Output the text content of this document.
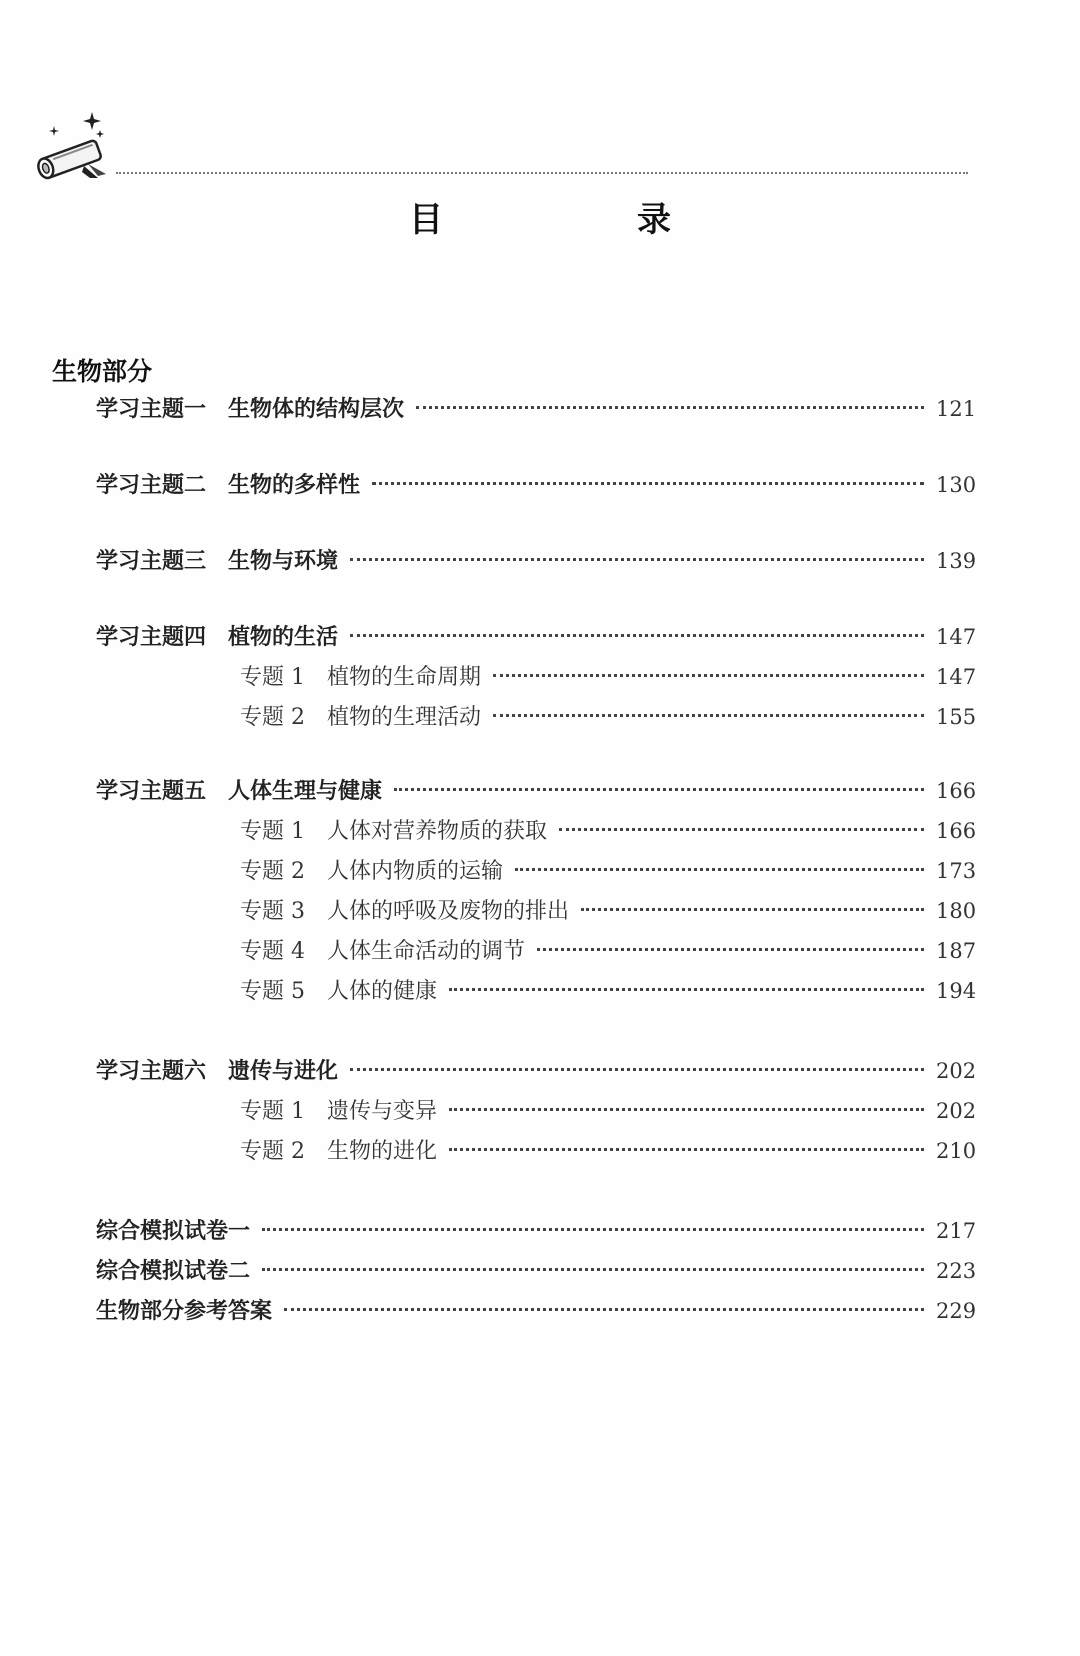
目　录
生物部分
学习主题一 生物体的结构层次	121
学习主题二 生物的多样性	130
学习主题三 生物与环境	139
学习主题四 植物的生活	147
专题 1 植物的生命周期	147
专题 2 植物的生理活动	155
学习主题五 人体生理与健康	166
专题 1 人体对营养物质的获取	166
专题 2 人体内物质的运输	173
专题 3 人体的呼吸及废物的排出	180
专题 4 人体生命活动的调节	187
专题 5 人体的健康	194
学习主题六 遗传与进化	202
专题 1 遗传与变异	202
专题 2 生物的进化	210
综合模拟试卷一	217
综合模拟试卷二	223
生物部分参考答案	229
